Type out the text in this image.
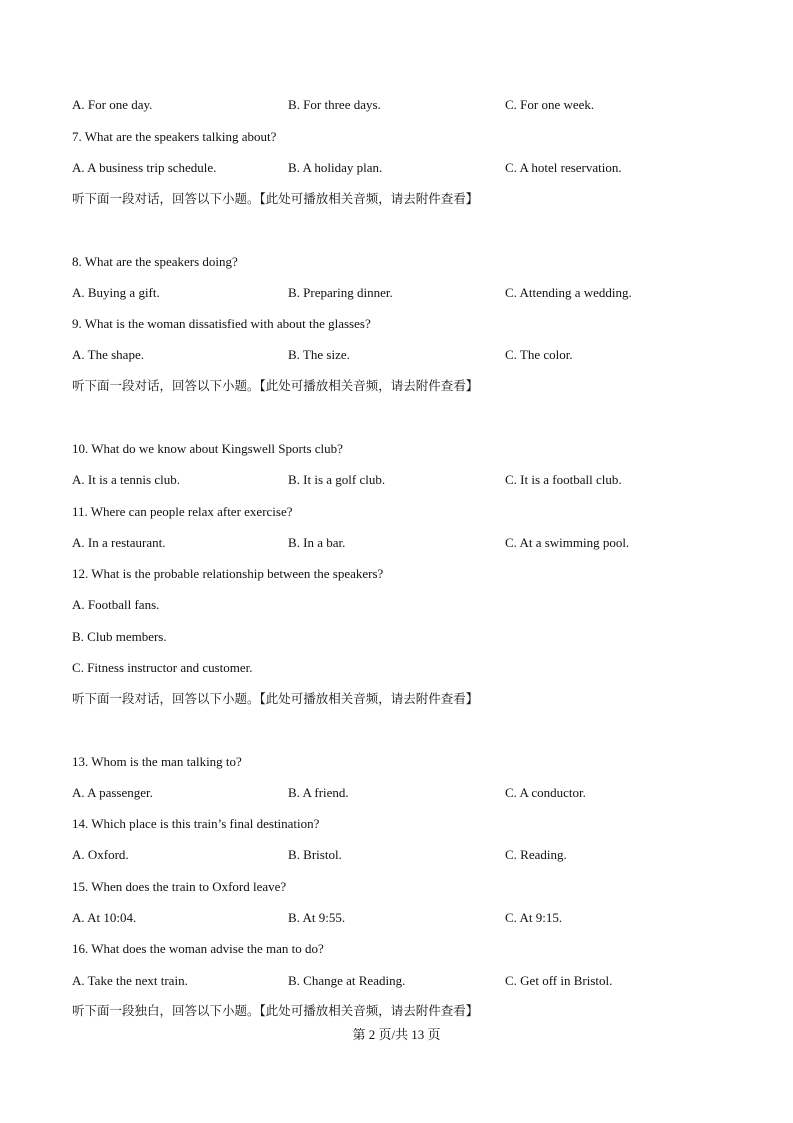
A. For one day.	B. For three days.	C. For one week.
7. What are the speakers talking about?
A. A business trip schedule.	B. A holiday plan.	C. A hotel reservation.
听下面一段对话，回答以下小题。【此处可播放相关音频，请去附件查看】
8. What are the speakers doing?
A. Buying a gift.	B. Preparing dinner.	C. Attending a wedding.
9. What is the woman dissatisfied with about the glasses?
A. The shape.	B. The size.	C. The color.
听下面一段对话，回答以下小题。【此处可播放相关音频，请去附件查看】
10. What do we know about Kingswell Sports club?
A. It is a tennis club.	B. It is a golf club.	C. It is a football club.
11. Where can people relax after exercise?
A. In a restaurant.	B. In a bar.	C. At a swimming pool.
12. What is the probable relationship between the speakers?
A. Football fans.
B. Club members.
C. Fitness instructor and customer.
听下面一段对话，回答以下小题。【此处可播放相关音频，请去附件查看】
13. Whom is the man talking to?
A. A passenger.	B. A friend.	C. A conductor.
14. Which place is this train’s final destination?
A. Oxford.	B. Bristol.	C. Reading.
15. When does the train to Oxford leave?
A. At 10:04.	B. At 9:55.	C. At 9:15.
16. What does the woman advise the man to do?
A. Take the next train.	B. Change at Reading.	C. Get off in Bristol.
听下面一段独白，回答以下小题。【此处可播放相关音频，请去附件查看】
第 2 页/共 13 页
